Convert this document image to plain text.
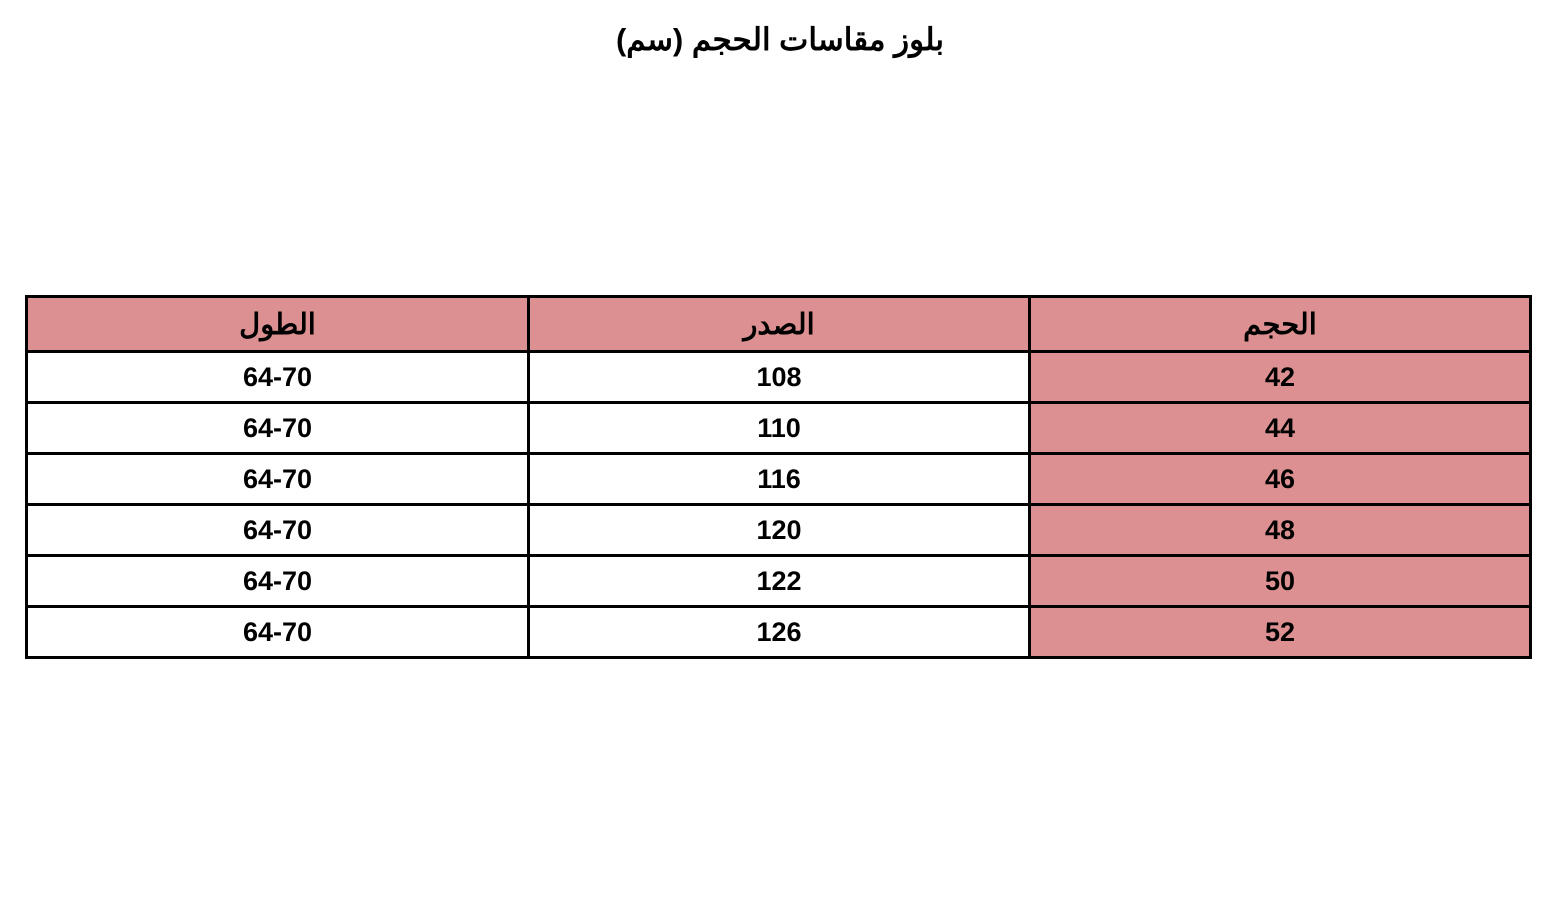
بلوز مقاسات الحجم (سم)
الحجم	الصدر	الطول
42	108	64-70
44	110	64-70
46	116	64-70
48	120	64-70
50	122	64-70
52	126	64-70
